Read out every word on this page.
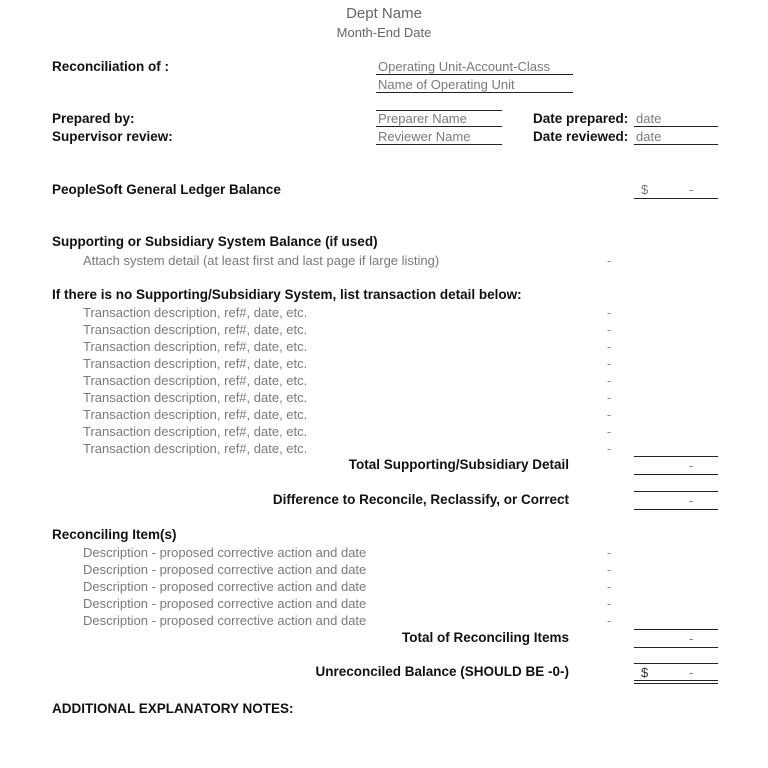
Dept Name
Month-End Date
Reconciliation of :	Operating Unit-Account-Class
Name of Operating Unit
Prepared by:	Preparer Name	Date prepared: date
Supervisor review:	Reviewer Name	Date reviewed: date
PeopleSoft General Ledger Balance	$	-
Supporting or Subsidiary System Balance (if used)
Attach system detail (at least first and last page if large listing)	-
If there is no Supporting/Subsidiary System, list transaction detail below:
Transaction description, ref#, date, etc.	-
Transaction description, ref#, date, etc.	-
Transaction description, ref#, date, etc.	-
Transaction description, ref#, date, etc.	-
Transaction description, ref#, date, etc.	-
Transaction description, ref#, date, etc.	-
Transaction description, ref#, date, etc.	-
Transaction description, ref#, date, etc.	-
Transaction description, ref#, date, etc.	-
Total Supporting/Subsidiary Detail	-
Difference to Reconcile, Reclassify, or Correct	-
Reconciling Item(s)
Description - proposed corrective action and date	-
Description - proposed corrective action and date	-
Description - proposed corrective action and date	-
Description - proposed corrective action and date	-
Description - proposed corrective action and date	-
Total of Reconciling Items	-
Unreconciled Balance (SHOULD BE -0-)	$	-
ADDITIONAL EXPLANATORY NOTES:
